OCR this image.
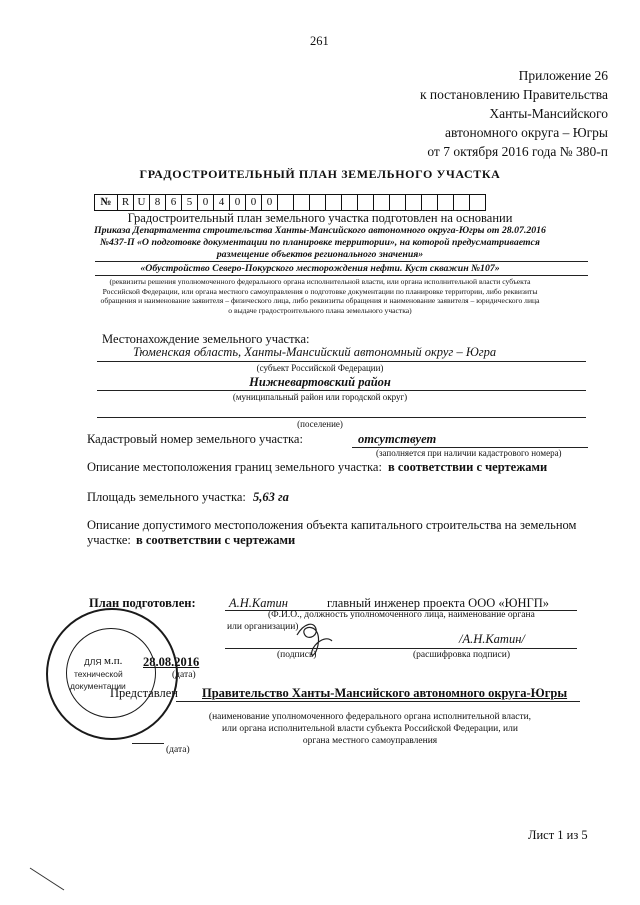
261
Приложение 26
к постановлению Правительства
Ханты-Мансийского
автономного округа – Югры
от 7 октября 2016 года № 380-п
ГРАДОСТРОИТЕЛЬНЫЙ ПЛАН ЗЕМЕЛЬНОГО УЧАСТКА
№ R U 8 6 5 0 4 0 0 0
Градостроительный план земельного участка подготовлен на основании
Приказа Департамента строительства Ханты-Мансийского автономного округа-Югры от 28.07.2016
№437-П «О подготовке документации по планировке территории», на которой предусматривается
размещение объектов регионального значения»
«Обустройство Северо-Покурского месторождения нефти. Куст скважин №107»
(реквизиты решения уполномоченного федерального органа исполнительной власти, или органа исполнительной власти субъекта
Российской Федерации, или органа местного самоуправления о подготовке документации по планировке территории, либо реквизиты
обращения и наименование заявителя – физического лица, либо реквизиты обращения и наименование заявителя – юридического лица
о выдаче градостроительного плана земельного участка)
Местонахождение земельного участка:
Тюменская область, Ханты-Мансийский автономный округ – Югра
(субъект Российской Федерации)
Нижневартовский район
(муниципальный район или городской округ)
(поселение)
Кадастровый номер земельного участка:	отсутствует
(заполняется при наличии кадастрового номера)
Описание местоположения границ земельного участка: в соответствии с чертежами
Площадь земельного участка: 5,63 га
Описание допустимого местоположения объекта капитального строительства на земельном
участке: в соответствии с чертежами
План подготовлен:	А.Н.Катин	главный инженер проекта ООО «ЮНГП»
(Ф.И.О., должность уполномоченного лица, наименование органа
или организации)
/А.Н.Катин/
(подпись)	(расшифровка подписи)
м.п. 28.08.2016
(дата)
Представлен Правительство Ханты-Мансийского автономного округа-Югры
(наименование уполномоченного федерального органа исполнительной власти,
или органа исполнительной власти субъекта Российской Федерации, или
органа местного самоуправления
(дата)
ДЛЯ
технической
документации
Лист 1 из 5
